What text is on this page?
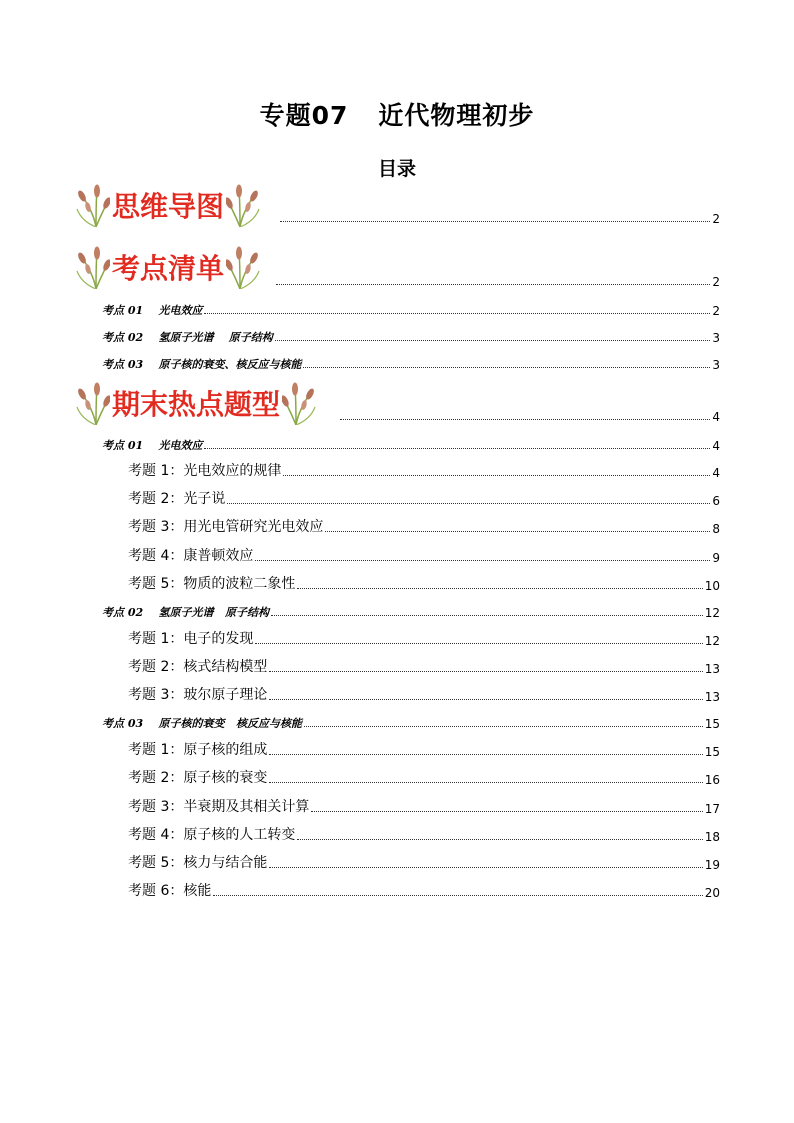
专题07 近代物理初步
目录
思维导图	2
考点清单	2
考点 01    光电效应	2
考点 02    氢原子光谱    原子结构	3
考点 03    原子核的衰变、核反应与核能	3
期末热点题型	4
考点 01    光电效应	4
考题 1：光电效应的规律	4
考题 2：光子说	6
考题 3：用光电管研究光电效应	8
考题 4：康普顿效应	9
考题 5：物质的波粒二象性	10
考点 02    氢原子光谱   原子结构	12
考题 1：电子的发现	12
考题 2：核式结构模型	13
考题 3：玻尔原子理论	13
考点 03    原子核的衰变   核反应与核能	15
考题 1：原子核的组成	15
考题 2：原子核的衰变	16
考题 3：半衰期及其相关计算	17
考题 4：原子核的人工转变	18
考题 5：核力与结合能	19
考题 6：核能	20
